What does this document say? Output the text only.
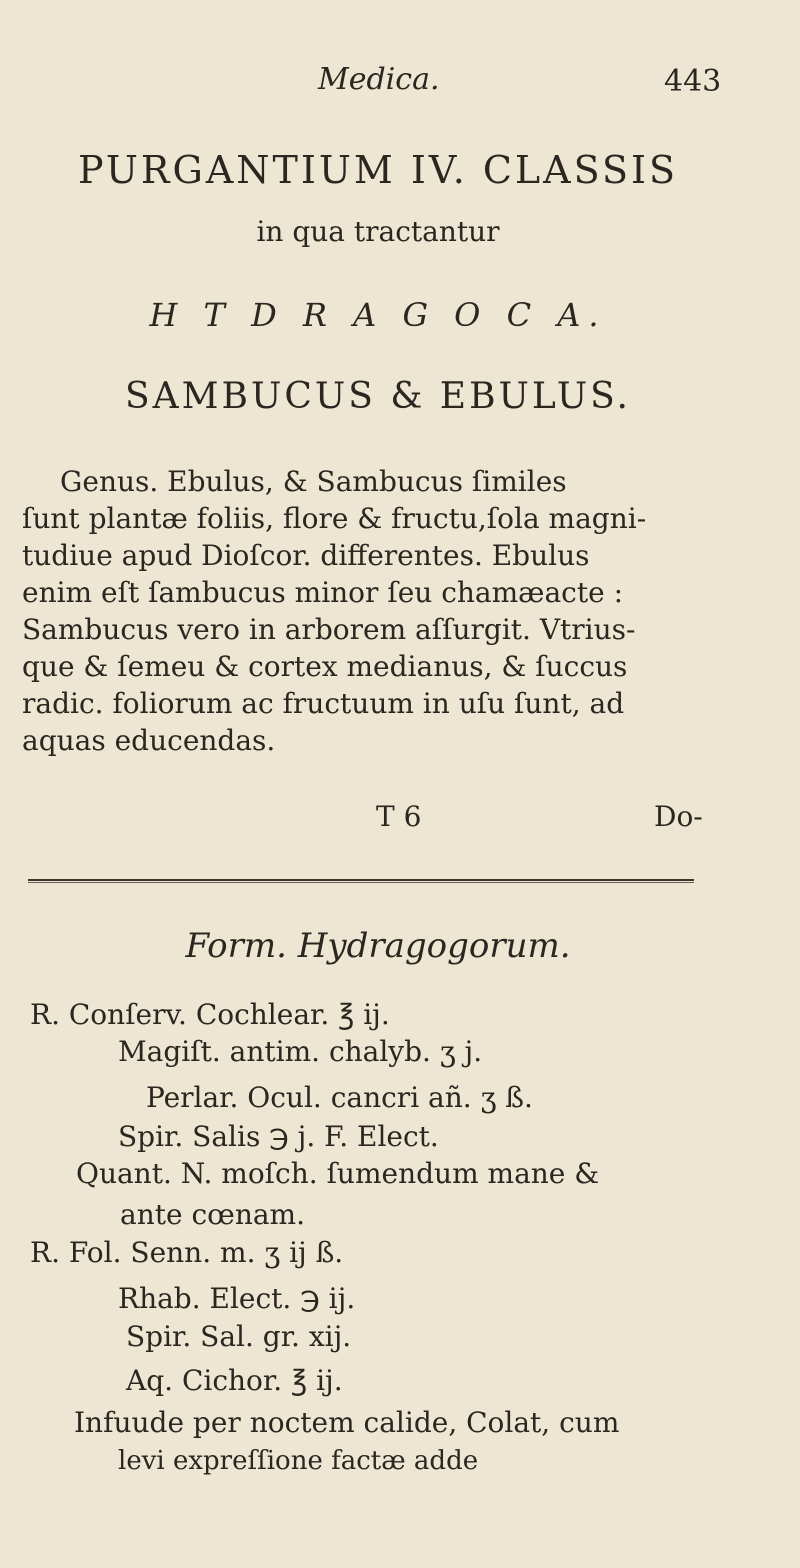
Medica.	443
PURGANTIUM IV. CLASSIS
in qua tractantur
H T D R A G O C A.
SAMBUCUS & EBULUS.
Genus. Ebulus, & Sambucus ſimiles
ſunt plantæ foliis, flore & fructu,ſola magni-
tudiue apud Dioſcor. differentes. Ebulus
enim eſt ſambucus minor ſeu chamæacte :
Sambucus vero in arborem aſſurgit. Vtrius-
que & ſemeu & cortex medianus, & ſuccus
radic. foliorum ac fructuum in uſu ſunt, ad
aquas educendas.
T 6	Do-
Form. Hydragogorum.
R. Conſerv. Cochlear. ℥ ij.
Magiſt. antim. chalyb. ʒ j.
Perlar. Ocul. cancri añ. ʒ ß.
Spir. Salis ℈ j. F. Elect.
Quant. N. moſch. ſumendum mane &
ante cœnam.
R. Fol. Senn. m. ʒ ij ß.
Rhab. Elect. ℈ ij.
Spir. Sal. gr. xij.
Aq. Cichor. ℥ ij.
Infuude per noctem calide, Colat, cum
levi expreſſione factæ adde
